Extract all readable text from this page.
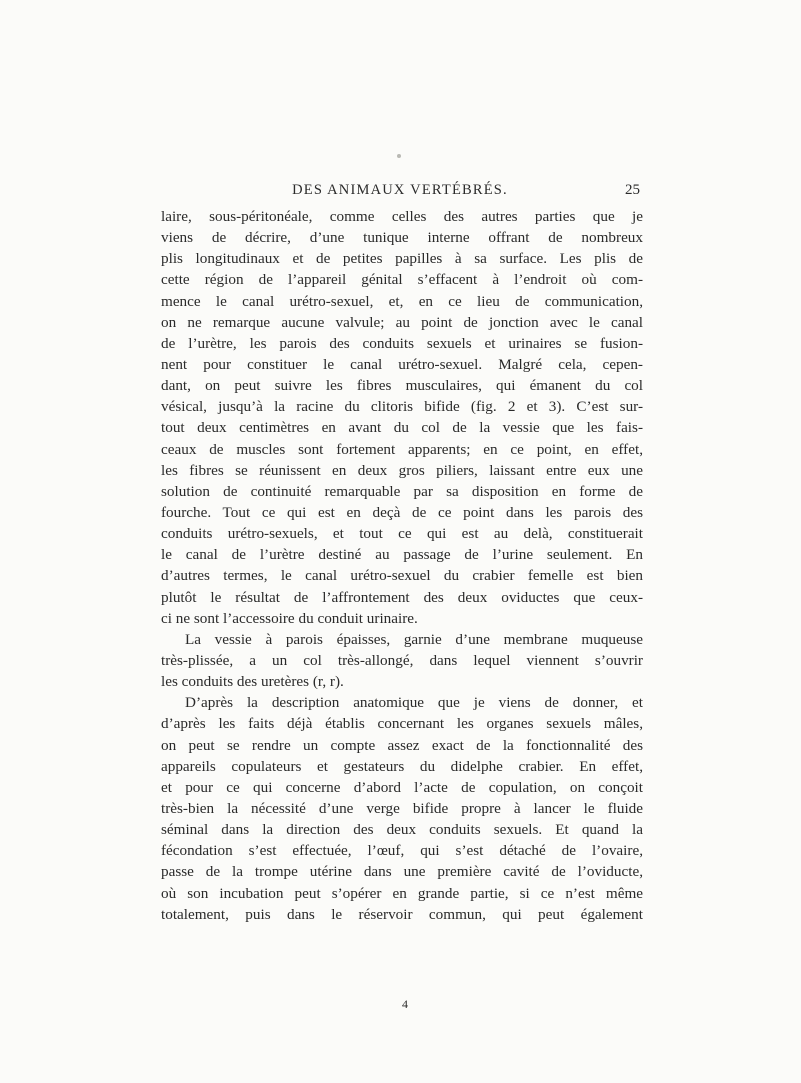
DES ANIMAUX VERTÉBRÉS.	25
laire, sous-péritonéale, comme celles des autres parties que je
viens de décrire, d’une tunique interne offrant de nombreux
plis longitudinaux et de petites papilles à sa surface. Les plis de
cette région de l’appareil génital s’effacent à l’endroit où com-
mence le canal urétro-sexuel, et, en ce lieu de communication,
on ne remarque aucune valvule; au point de jonction avec le canal
de l’urètre, les parois des conduits sexuels et urinaires se fusion-
nent pour constituer le canal urétro-sexuel. Malgré cela, cepen-
dant, on peut suivre les fibres musculaires, qui émanent du col
vésical, jusqu’à la racine du clitoris bifide (fig. 2 et 3). C’est sur-
tout deux centimètres en avant du col de la vessie que les fais-
ceaux de muscles sont fortement apparents; en ce point, en effet,
les fibres se réunissent en deux gros piliers, laissant entre eux une
solution de continuité remarquable par sa disposition en forme de
fourche. Tout ce qui est en deçà de ce point dans les parois des
conduits urétro-sexuels, et tout ce qui est au delà, constituerait
le canal de l’urètre destiné au passage de l’urine seulement. En
d’autres termes, le canal urétro-sexuel du crabier femelle est bien
plutôt le résultat de l’affrontement des deux oviductes que ceux-
ci ne sont l’accessoire du conduit urinaire.
La vessie à parois épaisses, garnie d’une membrane muqueuse
très-plissée, a un col très-allongé, dans lequel viennent s’ouvrir
les conduits des uretères (r, r).
D’après la description anatomique que je viens de donner, et
d’après les faits déjà établis concernant les organes sexuels mâles,
on peut se rendre un compte assez exact de la fonctionnalité des
appareils copulateurs et gestateurs du didelphe crabier. En effet,
et pour ce qui concerne d’abord l’acte de copulation, on conçoit
très-bien la nécessité d’une verge bifide propre à lancer le fluide
séminal dans la direction des deux conduits sexuels. Et quand la
fécondation s’est effectuée, l’œuf, qui s’est détaché de l’ovaire,
passe de la trompe utérine dans une première cavité de l’oviducte,
où son incubation peut s’opérer en grande partie, si ce n’est même
totalement, puis dans le réservoir commun, qui peut également
4
